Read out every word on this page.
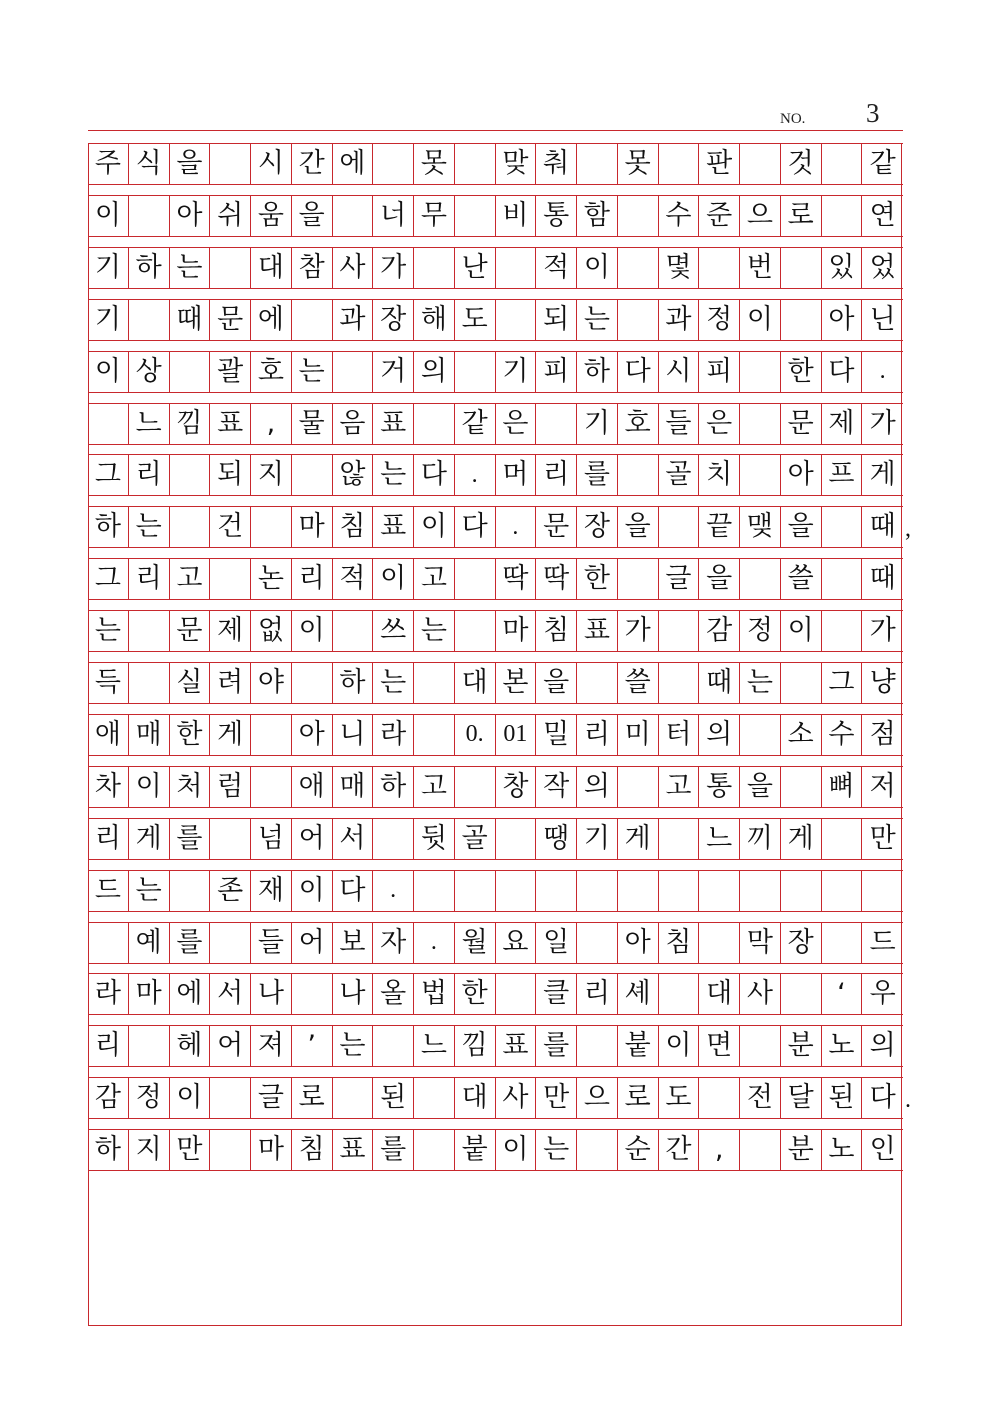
NO. 3
주 식 을 시 간 에 못 맞 춰 못 판 것 같
이 아 쉬 움 을 너 무 비 통 함 수 준 으 로 연
기 하 는 대 참 사 가 난 적 이 몇 번 있 었
기 때 문 에 과 장 해 도 되 는 과 정 이 아 닌
이 상 괄 호 는 거 의 기 피 하 다 시 피 한 다	.
느 낌 표 , 물 음 표 같 은 기 호 들 은 문 제 가
그 리 되 지 않 는 다	. 머 리 를 골 치 아 프 게
하 는 건 마 침 표 이 다	. 문 장 을 끝 맺 을 때 ,
그 리 고 논 리 적 이 고 딱 딱 한 글 을 쓸 때
는 문 제 없 이 쓰 는 마 침 표 가 감 정 이 가
득 실 려 야 하 는 대 본 을 쓸 때 는 그 냥
애 매 한 게 아 니 라	0. 01 밀 리 미 터 의 소 수 점
차 이 처 럼 애 매 하 고 창 작 의 고 통 을 뼈 저
리 게 를 넘 어 서 뒷 골 땡 기 게 느 끼 게 만
드 는 존 재 이 다	.
예 를 들 어 보 자	. 월 요 일 아 침 막 장 드
라 마 에 서 나 나 올 법 한 클 리 셰 대 사	‘ 우
리 헤 어 져 ’ 는 느 낌 표 를 붙 이 면 분 노 의
감 정 이 글 로 된 대 사 만 으 로 도 전 달 된 다 .
하 지 만 마 침 표 를 붙 이 는 순 간 ,	분 노 인
